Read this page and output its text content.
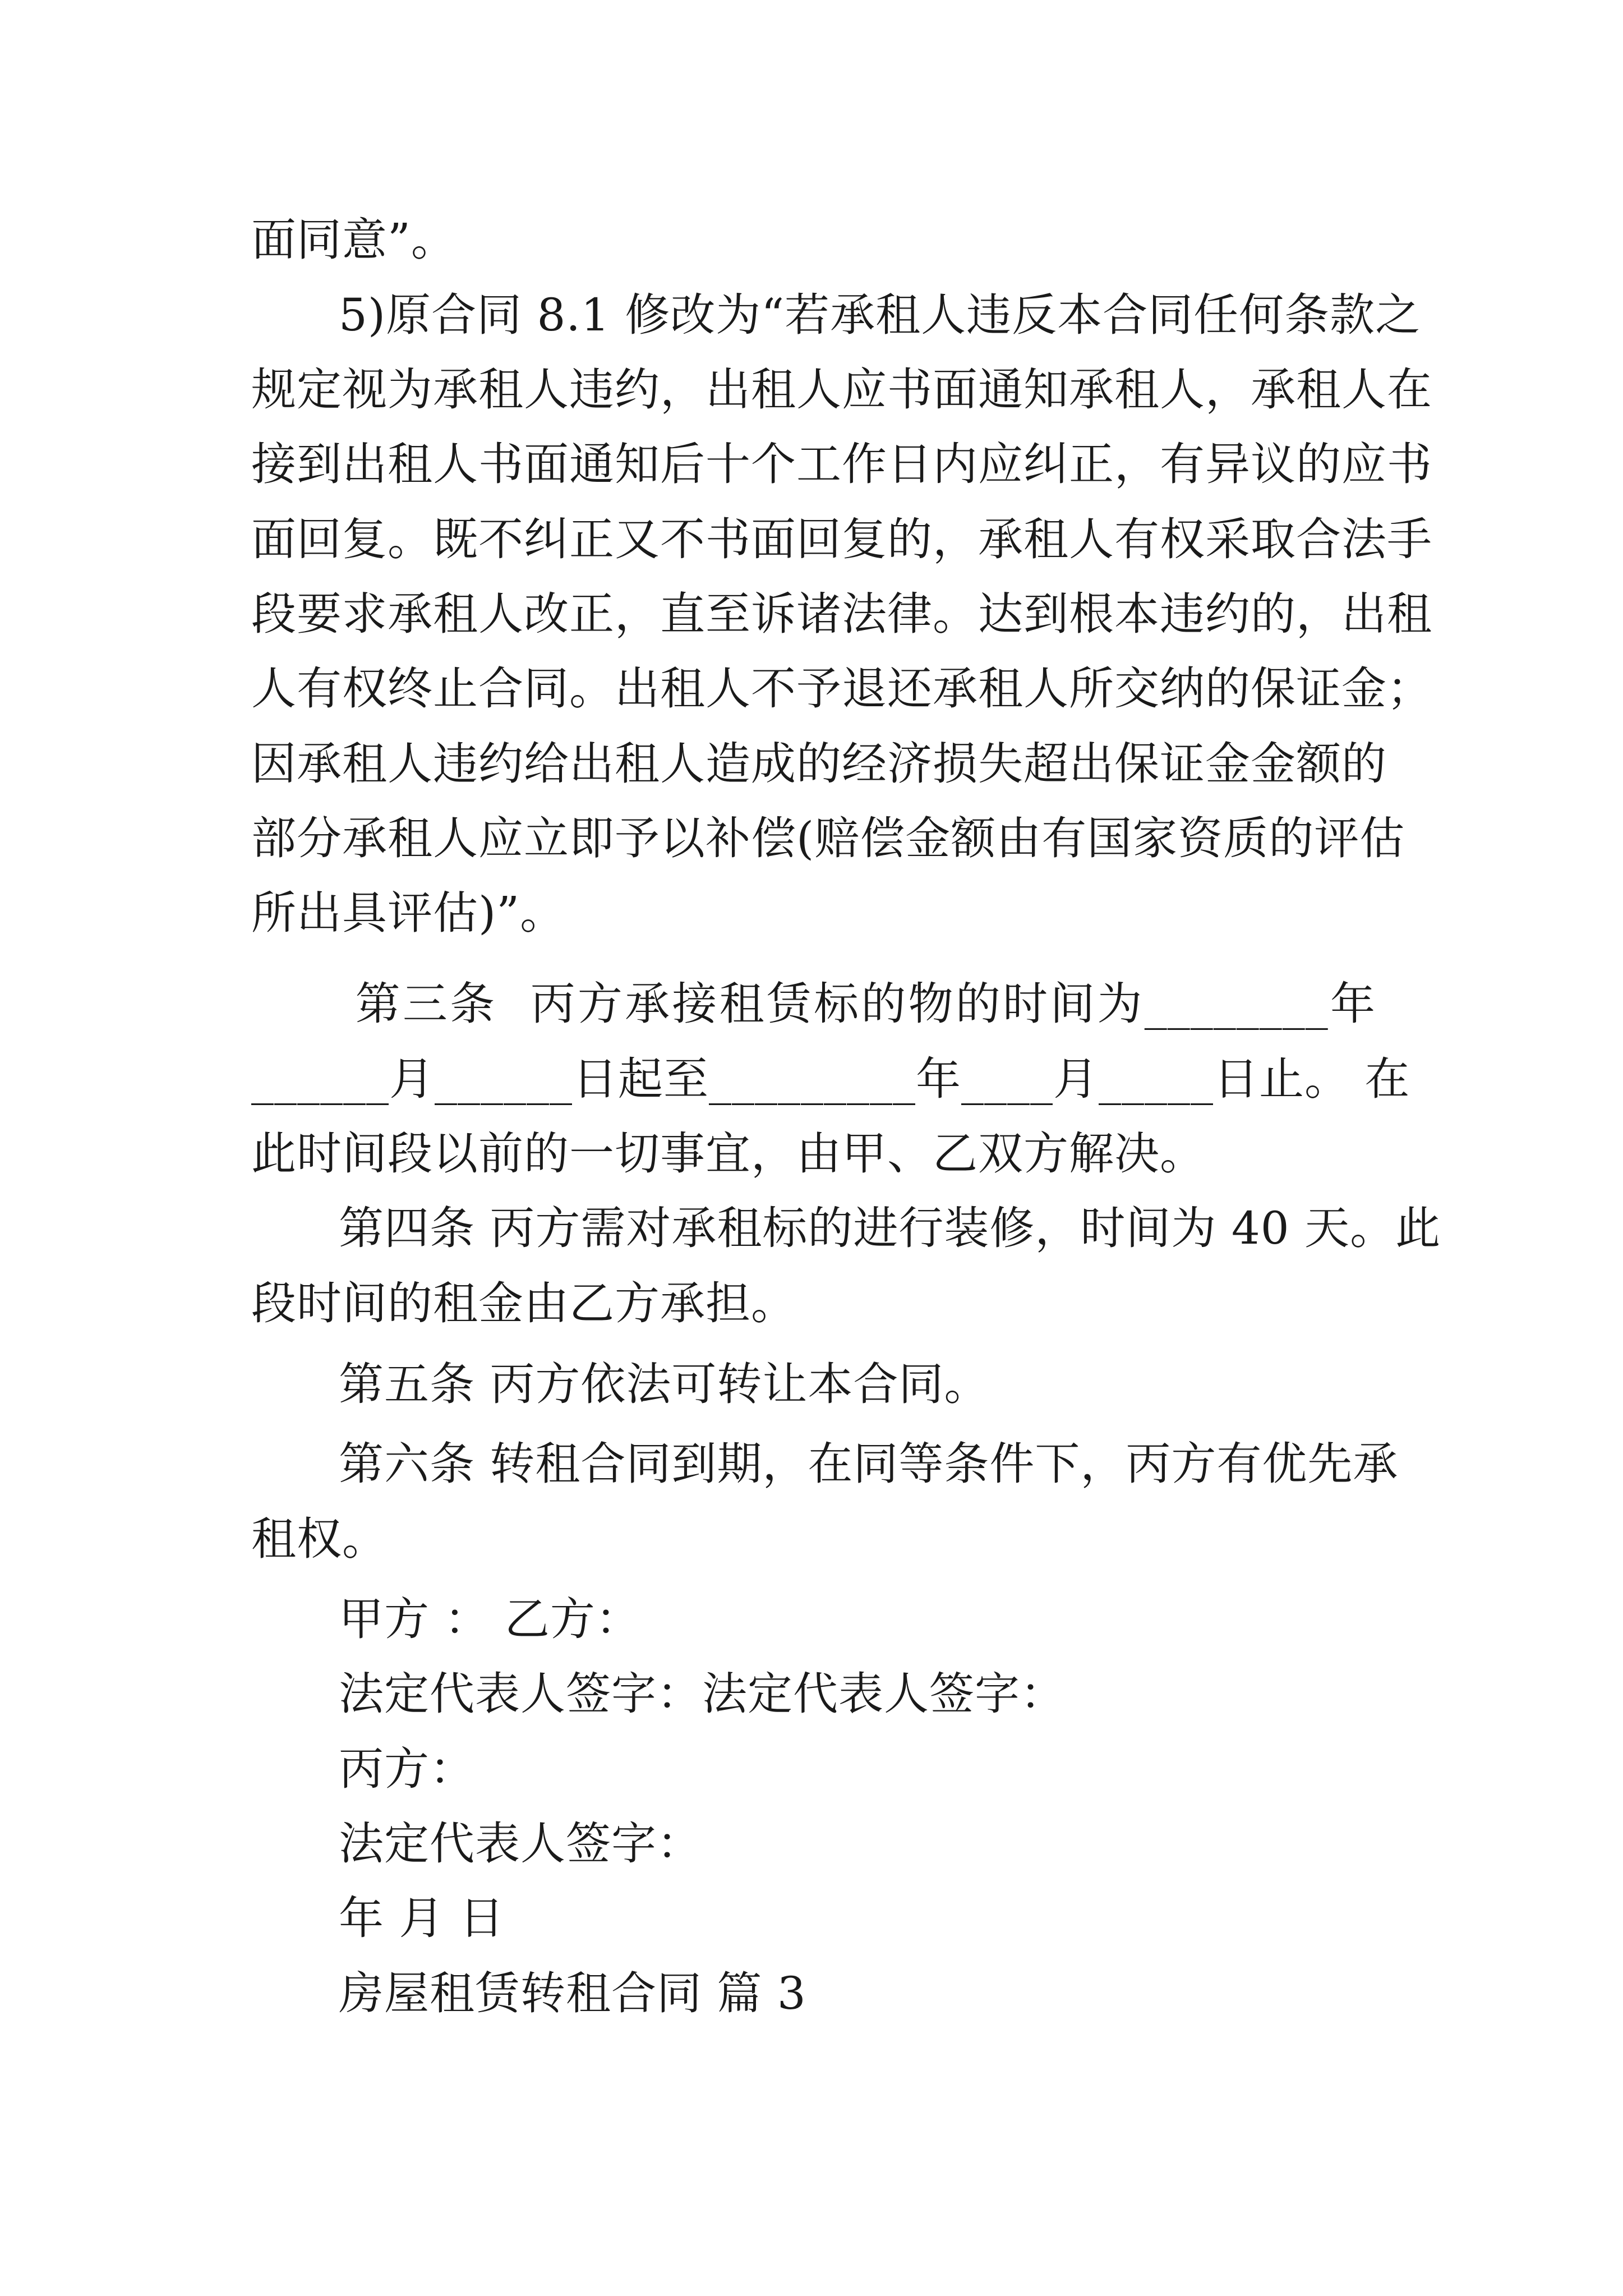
面同意”。
5)原合同 8.1 修改为“若承租人违反本合同任何条款之
规定视为承租人违约，出租人应书面通知承租人，承租人在
接到出租人书面通知后十个工作日内应纠正，有异议的应书
面回复。既不纠正又不书面回复的，承租人有权采取合法手
段要求承租人改正，直至诉诸法律。达到根本违约的，出租
人有权终止合同。出租人不予退还承租人所交纳的保证金；
因承租人违约给出租人造成的经济损失超出保证金金额的
部分承租人应立即予以补偿(赔偿金额由有国家资质的评估
所出具评估)”。
第三条  丙方承接租赁标的物的时间为________年
______月______日起至_________年____月_____日止。 在
此时间段以前的一切事宜，由甲、乙双方解决。
第四条 丙方需对承租标的进行装修，时间为 40 天。此
段时间的租金由乙方承担。
第五条 丙方依法可转让本合同。
第六条 转租合同到期，在同等条件下，丙方有优先承
租权。
甲方 ： 乙方：
法定代表人签字：法定代表人签字：
丙方：
法定代表人签字：
年 月 日
房屋租赁转租合同 篇 3
